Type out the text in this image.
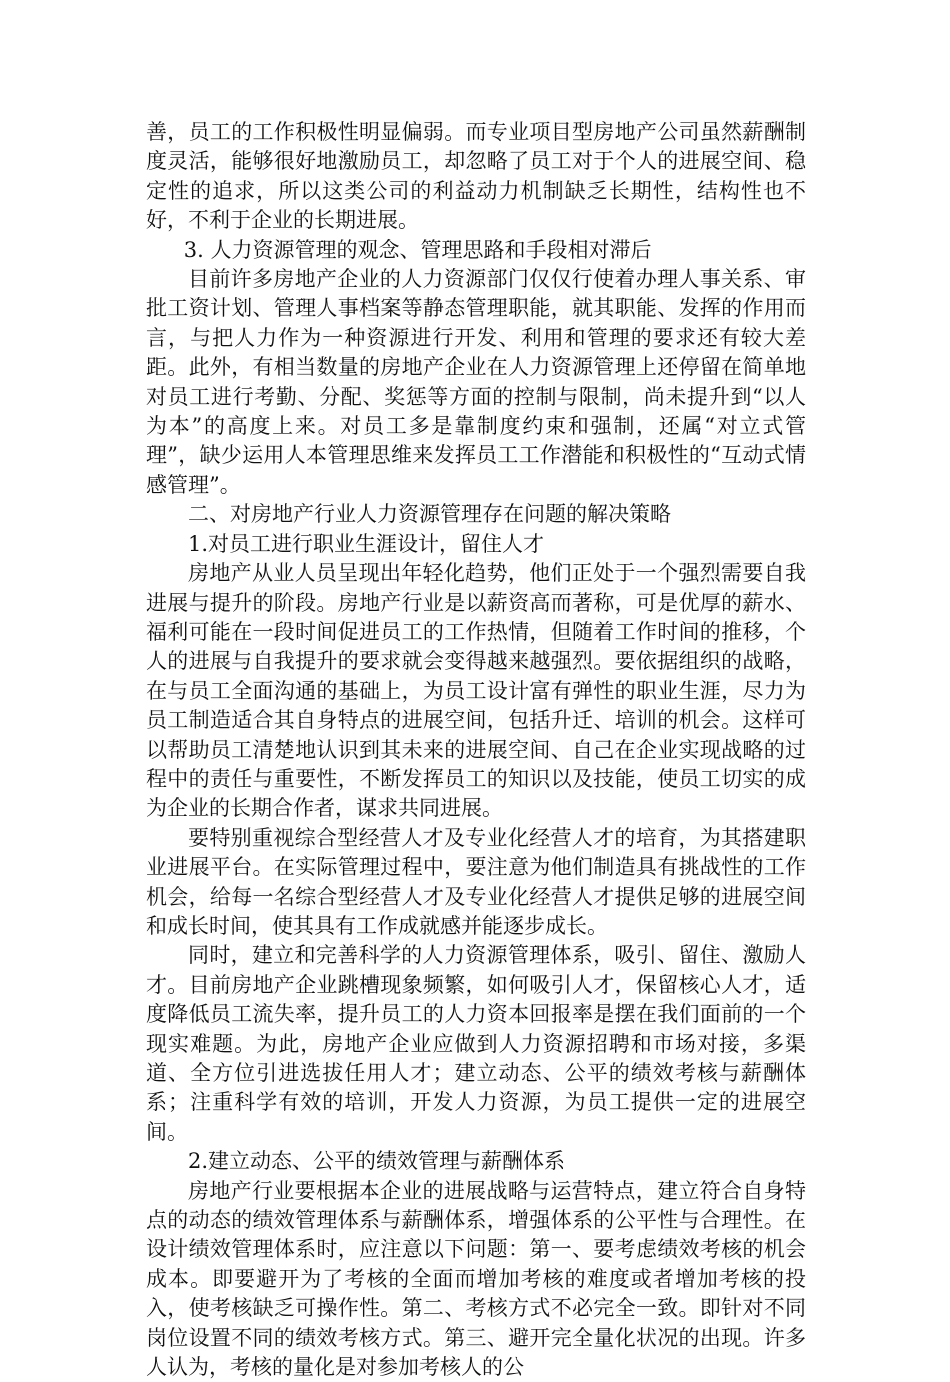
善，员工的工作积极性明显偏弱。而专业项目型房地产公司虽然薪酬制度灵活，能够很好地激励员工，却忽略了员工对于个人的进展空间、稳定性的追求，所以这类公司的利益动力机制缺乏长期性，结构性也不好，不利于企业的长期进展。

3. 人力资源管理的观念、管理思路和手段相对滞后

目前许多房地产企业的人力资源部门仅仅行使着办理人事关系、审批工资计划、管理人事档案等静态管理职能，就其职能、发挥的作用而言，与把人力作为一种资源进行开发、利用和管理的要求还有较大差距。此外，有相当数量的房地产企业在人力资源管理上还停留在简单地对员工进行考勤、分配、奖惩等方面的控制与限制，尚未提升到“以人为本”的高度上来。对员工多是靠制度约束和强制，还属“对立式管理”，缺少运用人本管理思维来发挥员工工作潜能和积极性的“互动式情感管理”。

二、对房地产行业人力资源管理存在问题的解决策略

1.对员工进行职业生涯设计，留住人才

房地产从业人员呈现出年轻化趋势，他们正处于一个强烈需要自我进展与提升的阶段。房地产行业是以薪资高而著称，可是优厚的薪水、福利可能在一段时间促进员工的工作热情，但随着工作时间的推移，个人的进展与自我提升的要求就会变得越来越强烈。要依据组织的战略，在与员工全面沟通的基础上，为员工设计富有弹性的职业生涯，尽力为员工制造适合其自身特点的进展空间，包括升迁、培训的机会。这样可以帮助员工清楚地认识到其未来的进展空间、自己在企业实现战略的过程中的责任与重要性，不断发挥员工的知识以及技能，使员工切实的成为企业的长期合作者，谋求共同进展。

要特别重视综合型经营人才及专业化经营人才的培育，为其搭建职业进展平台。在实际管理过程中，要注意为他们制造具有挑战性的工作机会，给每一名综合型经营人才及专业化经营人才提供足够的进展空间和成长时间，使其具有工作成就感并能逐步成长。

同时，建立和完善科学的人力资源管理体系，吸引、留住、激励人才。目前房地产企业跳槽现象频繁，如何吸引人才，保留核心人才，适度降低员工流失率，提升员工的人力资本回报率是摆在我们面前的一个现实难题。为此，房地产企业应做到人力资源招聘和市场对接，多渠道、全方位引进选拔任用人才；建立动态、公平的绩效考核与薪酬体系；注重科学有效的培训，开发人力资源，为员工提供一定的进展空间。

2.建立动态、公平的绩效管理与薪酬体系

房地产行业要根据本企业的进展战略与运营特点，建立符合自身特点的动态的绩效管理体系与薪酬体系，增强体系的公平性与合理性。在设计绩效管理体系时，应注意以下问题：第一、要考虑绩效考核的机会成本。即要避开为了考核的全面而增加考核的难度或者增加考核的投入，使考核缺乏可操作性。第二、考核方式不必完全一致。即针对不同岗位设置不同的绩效考核方式。第三、避开完全量化状况的出现。许多人认为，考核的量化是对参加考核人的公
